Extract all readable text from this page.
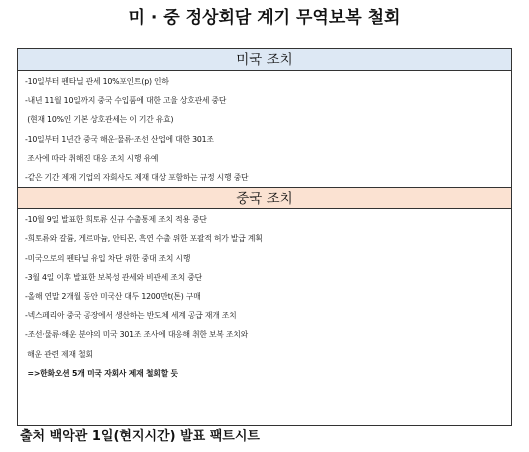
미 · 중 정상회담 계기 무역보복 철회
미국 조치
-10일부터 펜타닐 관세 10%포인트(p) 인하
-내년 11월 10일까지 중국 수입품에 대한 고율 상호관세 중단
(현재 10%인 기본 상호관세는 이 기간 유효)
-10일부터 1년간 중국 해운·물류·조선 산업에 대한 301조
조사에 따라 취해진 대응 조치 시행 유예
-같은 기간 제재 기업의 자회사도 제재 대상 포함하는 규정 시행 중단
중국 조치
-10월 9일 발표한 희토류 신규 수출통제 조치 적용 중단
-희토류와 갈륨, 게르마늄, 안티몬, 흑연 수출 위한 포괄적 허가 발급 계획
-미국으로의 펜타닐 유입 차단 위한 중대 조치 시행
-3월 4일 이후 발표한 보복성 관세와 비관세 조치 중단
-올해 연말 2개월 동안 미국산 대두 1200만t(톤) 구매
-넥스페리아 중국 공장에서 생산하는 반도체 세계 공급 재개 조치
-조선·물류·해운 분야의 미국 301조 조사에 대응해 취한 보복 조치와
해운 관련 제재 철회
=>한화오션 5개 미국 자회사 제재 철회할 듯
출처 백악관 1일(현지시간) 발표 팩트시트
